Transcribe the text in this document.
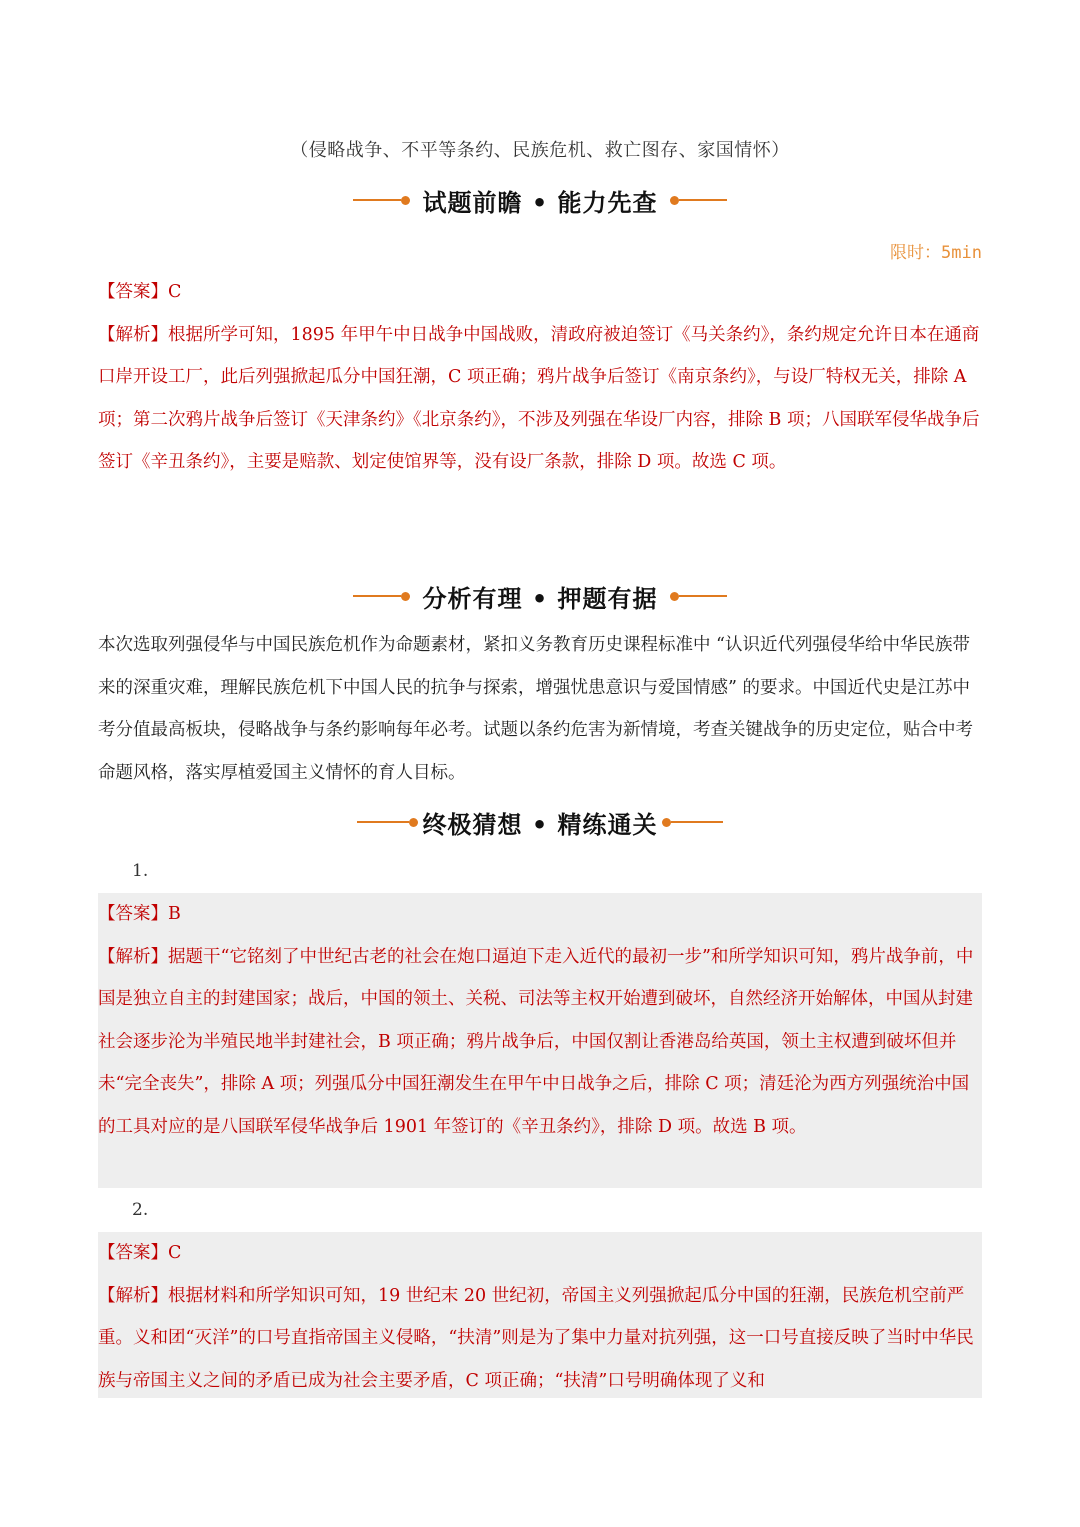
（侵略战争、不平等条约、民族危机、救亡图存、家国情怀）
试题前瞻 • 能力先查
限时：5min
【答案】C
【解析】根据所学可知，1895 年甲午中日战争中国战败，清政府被迫签订《马关条约》，条约规定允许日本在通商口岸开设工厂，此后列强掀起瓜分中国狂潮，C 项正确；鸦片战争后签订《南京条约》，与设厂特权无关，排除 A 项；第二次鸦片战争后签订《天津条约》《北京条约》，不涉及列强在华设厂内容，排除 B 项；八国联军侵华战争后签订《辛丑条约》，主要是赔款、划定使馆界等，没有设厂条款，排除 D 项。故选 C 项。
分析有理 • 押题有据
本次选取列强侵华与中国民族危机作为命题素材，紧扣义务教育历史课程标准中 “认识近代列强侵华给中华民族带来的深重灾难，理解民族危机下中国人民的抗争与探索，增强忧患意识与爱国情感” 的要求。中国近代史是江苏中考分值最高板块，侵略战争与条约影响每年必考。试题以条约危害为新情境，考查关键战争的历史定位，贴合中考命题风格，落实厚植爱国主义情怀的育人目标。
终极猜想 • 精练通关
1.
【答案】B
【解析】据题干“它铭刻了中世纪古老的社会在炮口逼迫下走入近代的最初一步”和所学知识可知，鸦片战争前，中国是独立自主的封建国家；战后，中国的领土、关税、司法等主权开始遭到破坏，自然经济开始解体，中国从封建社会逐步沦为半殖民地半封建社会，B 项正确；鸦片战争后，中国仅割让香港岛给英国，领土主权遭到破坏但并未“完全丧失”，排除 A 项；列强瓜分中国狂潮发生在甲午中日战争之后，排除 C 项；清廷沦为西方列强统治中国的工具对应的是八国联军侵华战争后 1901 年签订的《辛丑条约》，排除 D 项。故选 B 项。
2.
【答案】C
【解析】根据材料和所学知识可知，19 世纪末 20 世纪初，帝国主义列强掀起瓜分中国的狂潮，民族危机空前严重。义和团“灭洋”的口号直指帝国主义侵略，“扶清”则是为了集中力量对抗列强，这一口号直接反映了当时中华民族与帝国主义之间的矛盾已成为社会主要矛盾，C 项正确；“扶清”口号明确体现了义和
